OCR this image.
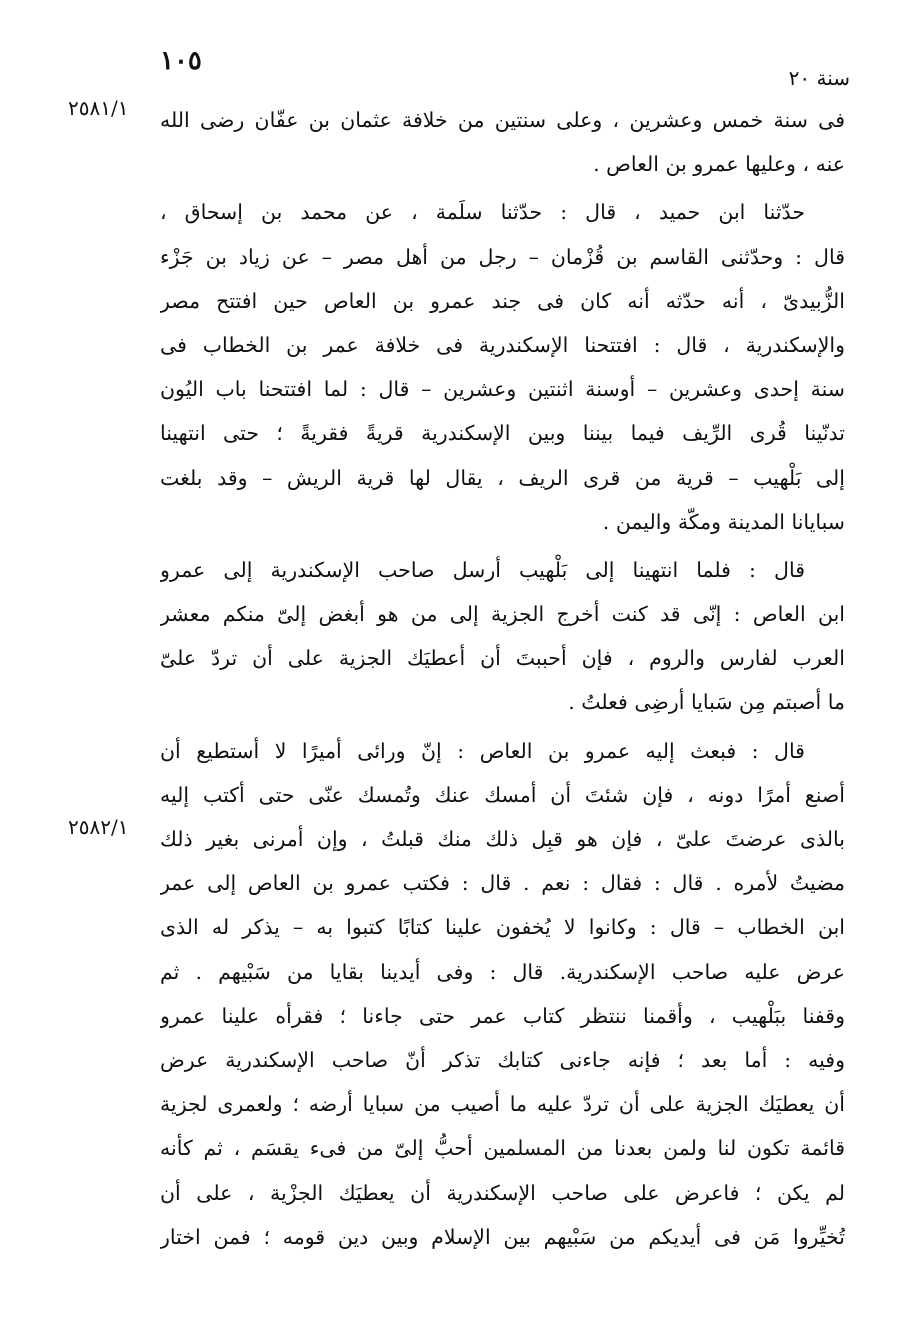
١٠٥
سنة ٢٠
٢٥٨١/١
٢٥٨٢/١
فى سنة خمس وعشرين ، وعلى سنتين من خلافة عثمان بن عفّان رضى الله
عنه ، وعليها عمرو بن العاص .
حدّثنا ابن حميد ، قال : حدّثنا سلَمة ، عن محمد بن إسحاق ،
قال : وحدّثنى القاسم بن قُزْمان – رجل من أهل مصر – عن زياد بن جَزْء
الزُّبيدىّ ، أنه حدّثه أنه كان فى جند عمرو بن العاص حين افتتح مصر
والإسكندرية ، قال : افتتحنا الإسكندرية فى خلافة عمر بن الخطاب فى
سنة إحدى وعشرين – أوسنة اثنتين وعشرين – قال : لما افتتحنا باب اليُون
تدنّينا قُرى الرِّيف فيما بيننا وبين الإسكندرية قريةً فقريةً ؛ حتى انتهينا
إلى بَلْهيب – قرية من قرى الريف ، يقال لها قرية الريش – وقد بلغت
سبايانا المدينة ومكّة واليمن .
قال : فلما انتهينا إلى بَلْهيب أرسل صاحب الإسكندرية إلى عمرو
ابن العاص : إنّى قد كنت أخرج الجزية إلى من هو أبغض إلىّ منكم معشر
العرب لفارس والروم ، فإن أحببتَ أن أعطيَك الجزية على أن تردّ علىّ
ما أصبتم مِن سَبايا أرضِى فعلتُ .
قال : فبعث إليه عمرو بن العاص : إنّ ورائى أميرًا لا أستطيع أن
أصنع أمرًا دونه ، فإن شئتَ أن أمسك عنك وتُمسك عنّى حتى أكتب إليه
بالذى عرضتَ علىّ ، فإن هو قبِل ذلك منك قبلتُ ، وإن أمرنى بغير ذلك
مضيتُ لأمره . قال : فقال : نعم . قال : فكتب عمرو بن العاص إلى عمر
ابن الخطاب – قال : وكانوا لا يُخفون علينا كتابًا كتبوا به – يذكر له الذى
عرض عليه صاحب الإسكندرية. قال : وفى أيدينا بقايا من سَبْيهم . ثم
وقفنا ببَلْهيب ، وأقمنا ننتظر كتاب عمر حتى جاءنا ؛ فقرأه علينا عمرو
وفيه : أما بعد ؛ فإنه جاءنى كتابك تذكر أنّ صاحب الإسكندرية عرض
أن يعطيَك الجزية على أن تردّ عليه ما أصيب من سبايا أرضه ؛ ولعمرى لجزية
قائمة تكون لنا ولمن بعدنا من المسلمين أحبُّ إلىّ من فىء يقسَم ، ثم كأنه
لم يكن ؛ فاعرض على صاحب الإسكندرية أن يعطيَك الجزْية ، على أن
تُخيِّروا مَن فى أيديكم من سَبْيهم بين الإسلام وبين دين قومه ؛ فمن اختار
